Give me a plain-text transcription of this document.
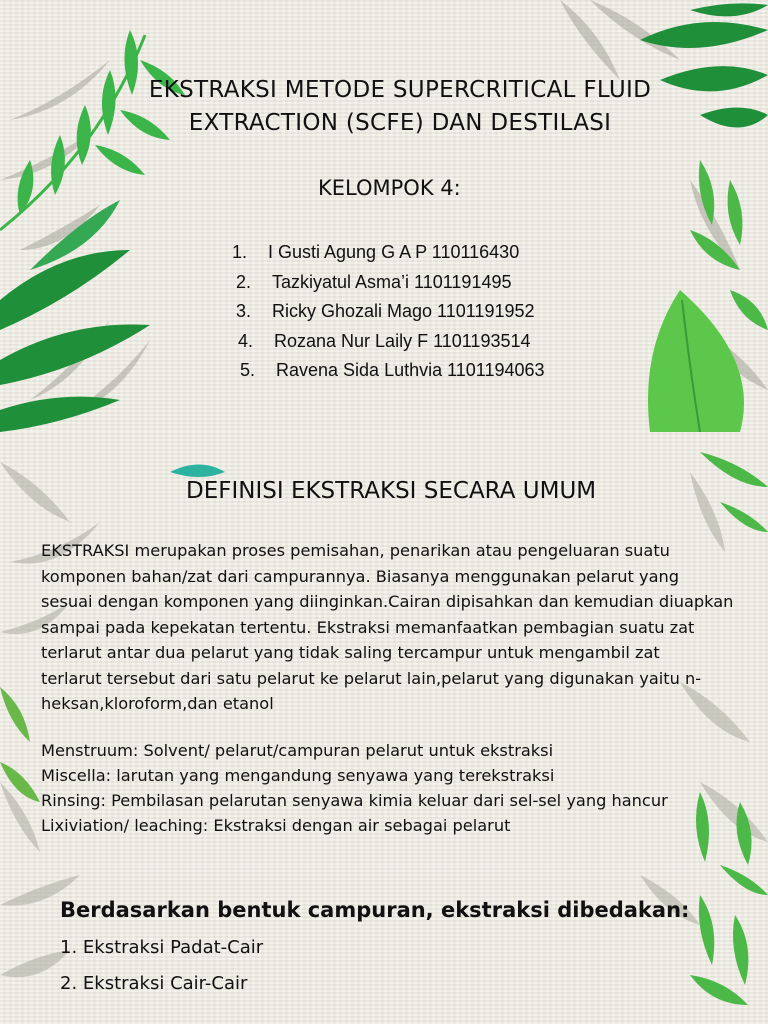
EKSTRAKSI METODE SUPERCRITICAL FLUID
EXTRACTION (SCFE) DAN DESTILASI
KELOMPOK 4:
1. I Gusti Agung G A P 110116430
2. Tazkiyatul Asma’i 1101191495
3. Ricky Ghozali Mago 1101191952
4. Rozana Nur Laily F 1101193514
5. Ravena Sida Luthvia 1101194063
DEFINISI EKSTRAKSI SECARA UMUM

EKSTRAKSI merupakan proses pemisahan, penarikan atau pengeluaran suatu
komponen bahan/zat dari campurannya. Biasanya menggunakan pelarut yang
sesuai dengan komponen yang diinginkan.Cairan dipisahkan dan kemudian diuapkan
sampai pada kepekatan tertentu. Ekstraksi memanfaatkan pembagian suatu zat
terlarut antar dua pelarut yang tidak saling tercampur untuk mengambil zat
terlarut tersebut dari satu pelarut ke pelarut lain,pelarut yang digunakan yaitu n-
heksan,kloroform,dan etanol

Menstruum: Solvent/ pelarut/campuran pelarut untuk ekstraksi
Miscella: larutan yang mengandung senyawa yang terekstraksi
Rinsing: Pembilasan pelarutan senyawa kimia keluar dari sel-sel yang hancur
Lixiviation/ leaching: Ekstraksi dengan air sebagai pelarut

Berdasarkan bentuk campuran, ekstraksi dibedakan:
1. Ekstraksi Padat-Cair
2. Ekstraksi Cair-Cair
